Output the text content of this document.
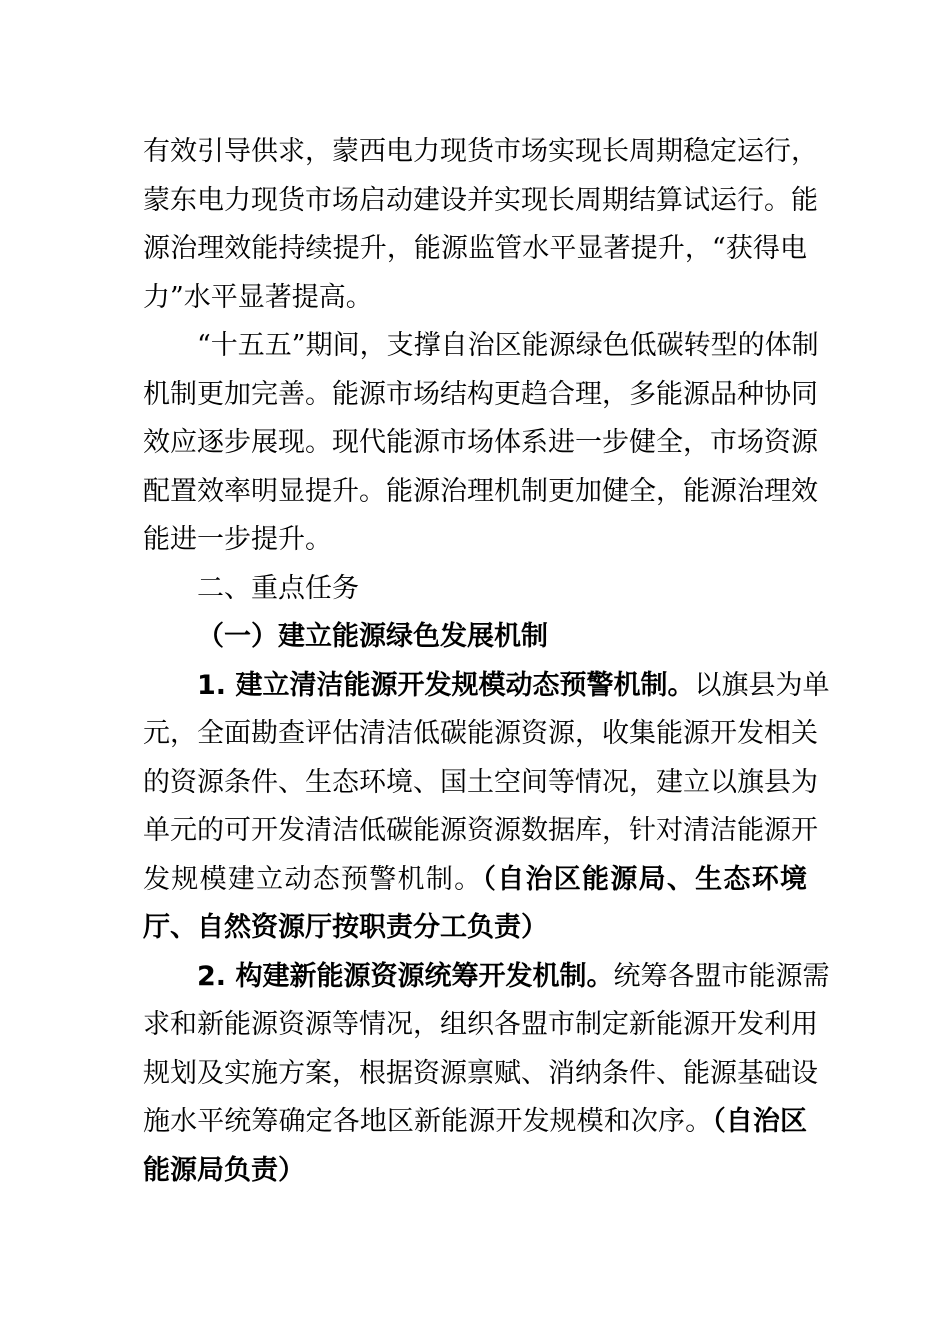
有效引导供求，蒙西电力现货市场实现长周期稳定运行，
蒙东电力现货市场启动建设并实现长周期结算试运行。能
源治理效能持续提升，能源监管水平显著提升，“获得电
力”水平显著提高。
“十五五”期间，支撑自治区能源绿色低碳转型的体制
机制更加完善。能源市场结构更趋合理，多能源品种协同
效应逐步展现。现代能源市场体系进一步健全，市场资源
配置效率明显提升。能源治理机制更加健全，能源治理效
能进一步提升。
二、重点任务
（一）建立能源绿色发展机制
1. 建立清洁能源开发规模动态预警机制。以旗县为单
元，全面勘查评估清洁低碳能源资源，收集能源开发相关
的资源条件、生态环境、国土空间等情况，建立以旗县为
单元的可开发清洁低碳能源资源数据库，针对清洁能源开
发规模建立动态预警机制。（自治区能源局、生态环境
厅、自然资源厅按职责分工负责）
2. 构建新能源资源统筹开发机制。统筹各盟市能源需
求和新能源资源等情况，组织各盟市制定新能源开发利用
规划及实施方案，根据资源禀赋、消纳条件、能源基础设
施水平统筹确定各地区新能源开发规模和次序。（自治区
能源局负责）
